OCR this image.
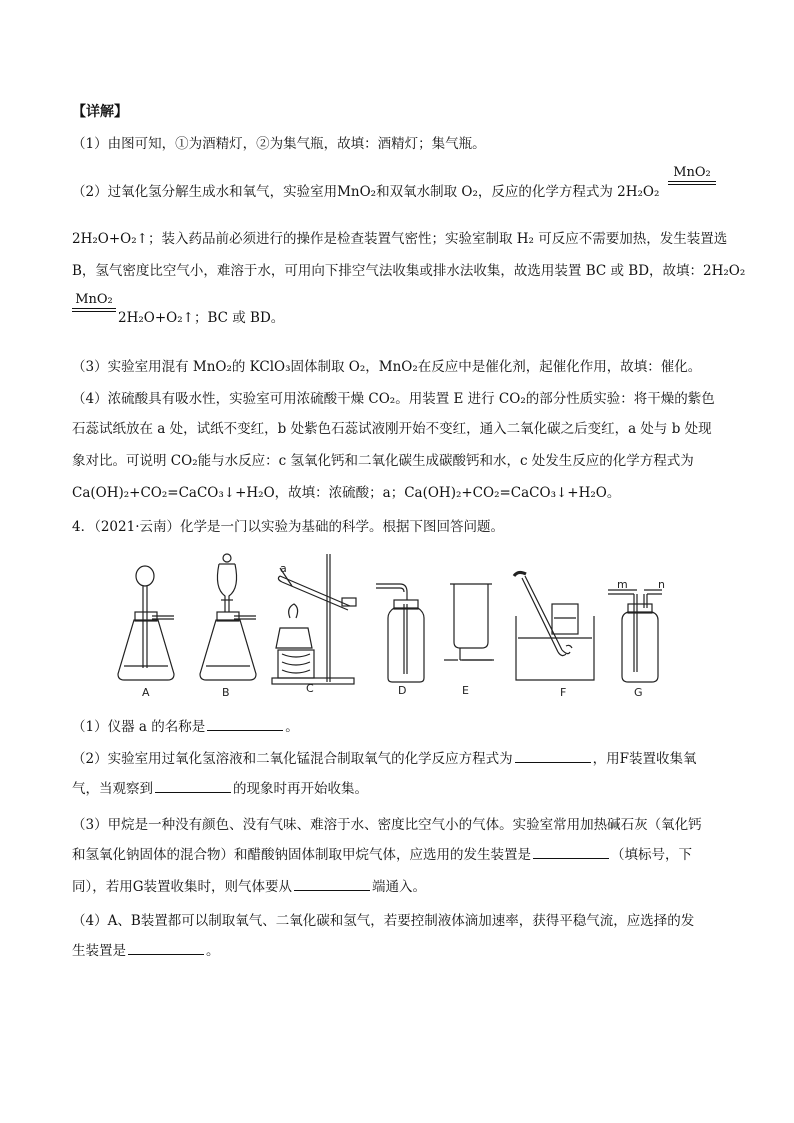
【详解】
（1）由图可知，①为酒精灯，②为集气瓶，故填：酒精灯；集气瓶。
（2）过氧化氢分解生成水和氧气，实验室用MnO₂和双氧水制取 O₂，反应的化学方程式为 2H₂O₂
MnO₂
2H₂O+O₂↑；装入药品前必须进行的操作是检查装置气密性；实验室制取 H₂ 可反应不需要加热，发生装置选
B，氢气密度比空气小，难溶于水，可用向下排空气法收集或排水法收集，故选用装置 BC 或 BD，故填：2H₂O₂
MnO₂
2H₂O+O₂↑；BC 或 BD。
（3）实验室用混有 MnO₂的 KClO₃固体制取 O₂，MnO₂在反应中是催化剂，起催化作用，故填：催化。
（4）浓硫酸具有吸水性，实验室可用浓硫酸干燥 CO₂。用装置 E 进行 CO₂的部分性质实验：将干燥的紫色
石蕊试纸放在 a 处，试纸不变红，b 处紫色石蕊试液刚开始不变红，通入二氧化碳之后变红，a 处与 b 处现
象对比。可说明 CO₂能与水反应：c 氢氧化钙和二氧化碳生成碳酸钙和水，c 处发生反应的化学方程式为
Ca(OH)₂+CO₂=CaCO₃↓+H₂O，故填：浓硫酸；a；Ca(OH)₂+CO₂=CaCO₃↓+H₂O。
4．（2021·云南）化学是一门以实验为基础的科学。根据下图回答问题。
a
m	n
A	B	C	D	E	F	G
（1）仪器 a 的名称是	。
（2）实验室用过氧化氢溶液和二氧化锰混合制取氧气的化学反应方程式为	，用F装置收集氧
气，当观察到	的现象时再开始收集。
（3）甲烷是一种没有颜色、没有气味、难溶于水、密度比空气小的气体。实验室常用加热碱石灰（氧化钙
和氢氧化钠固体的混合物）和醋酸钠固体制取甲烷气体，应选用的发生装置是	（填标号，下
同），若用G装置收集时，则气体要从	端通入。
（4）A、B装置都可以制取氧气、二氧化碳和氢气，若要控制液体滴加速率，获得平稳气流，应选择的发
生装置是	。
